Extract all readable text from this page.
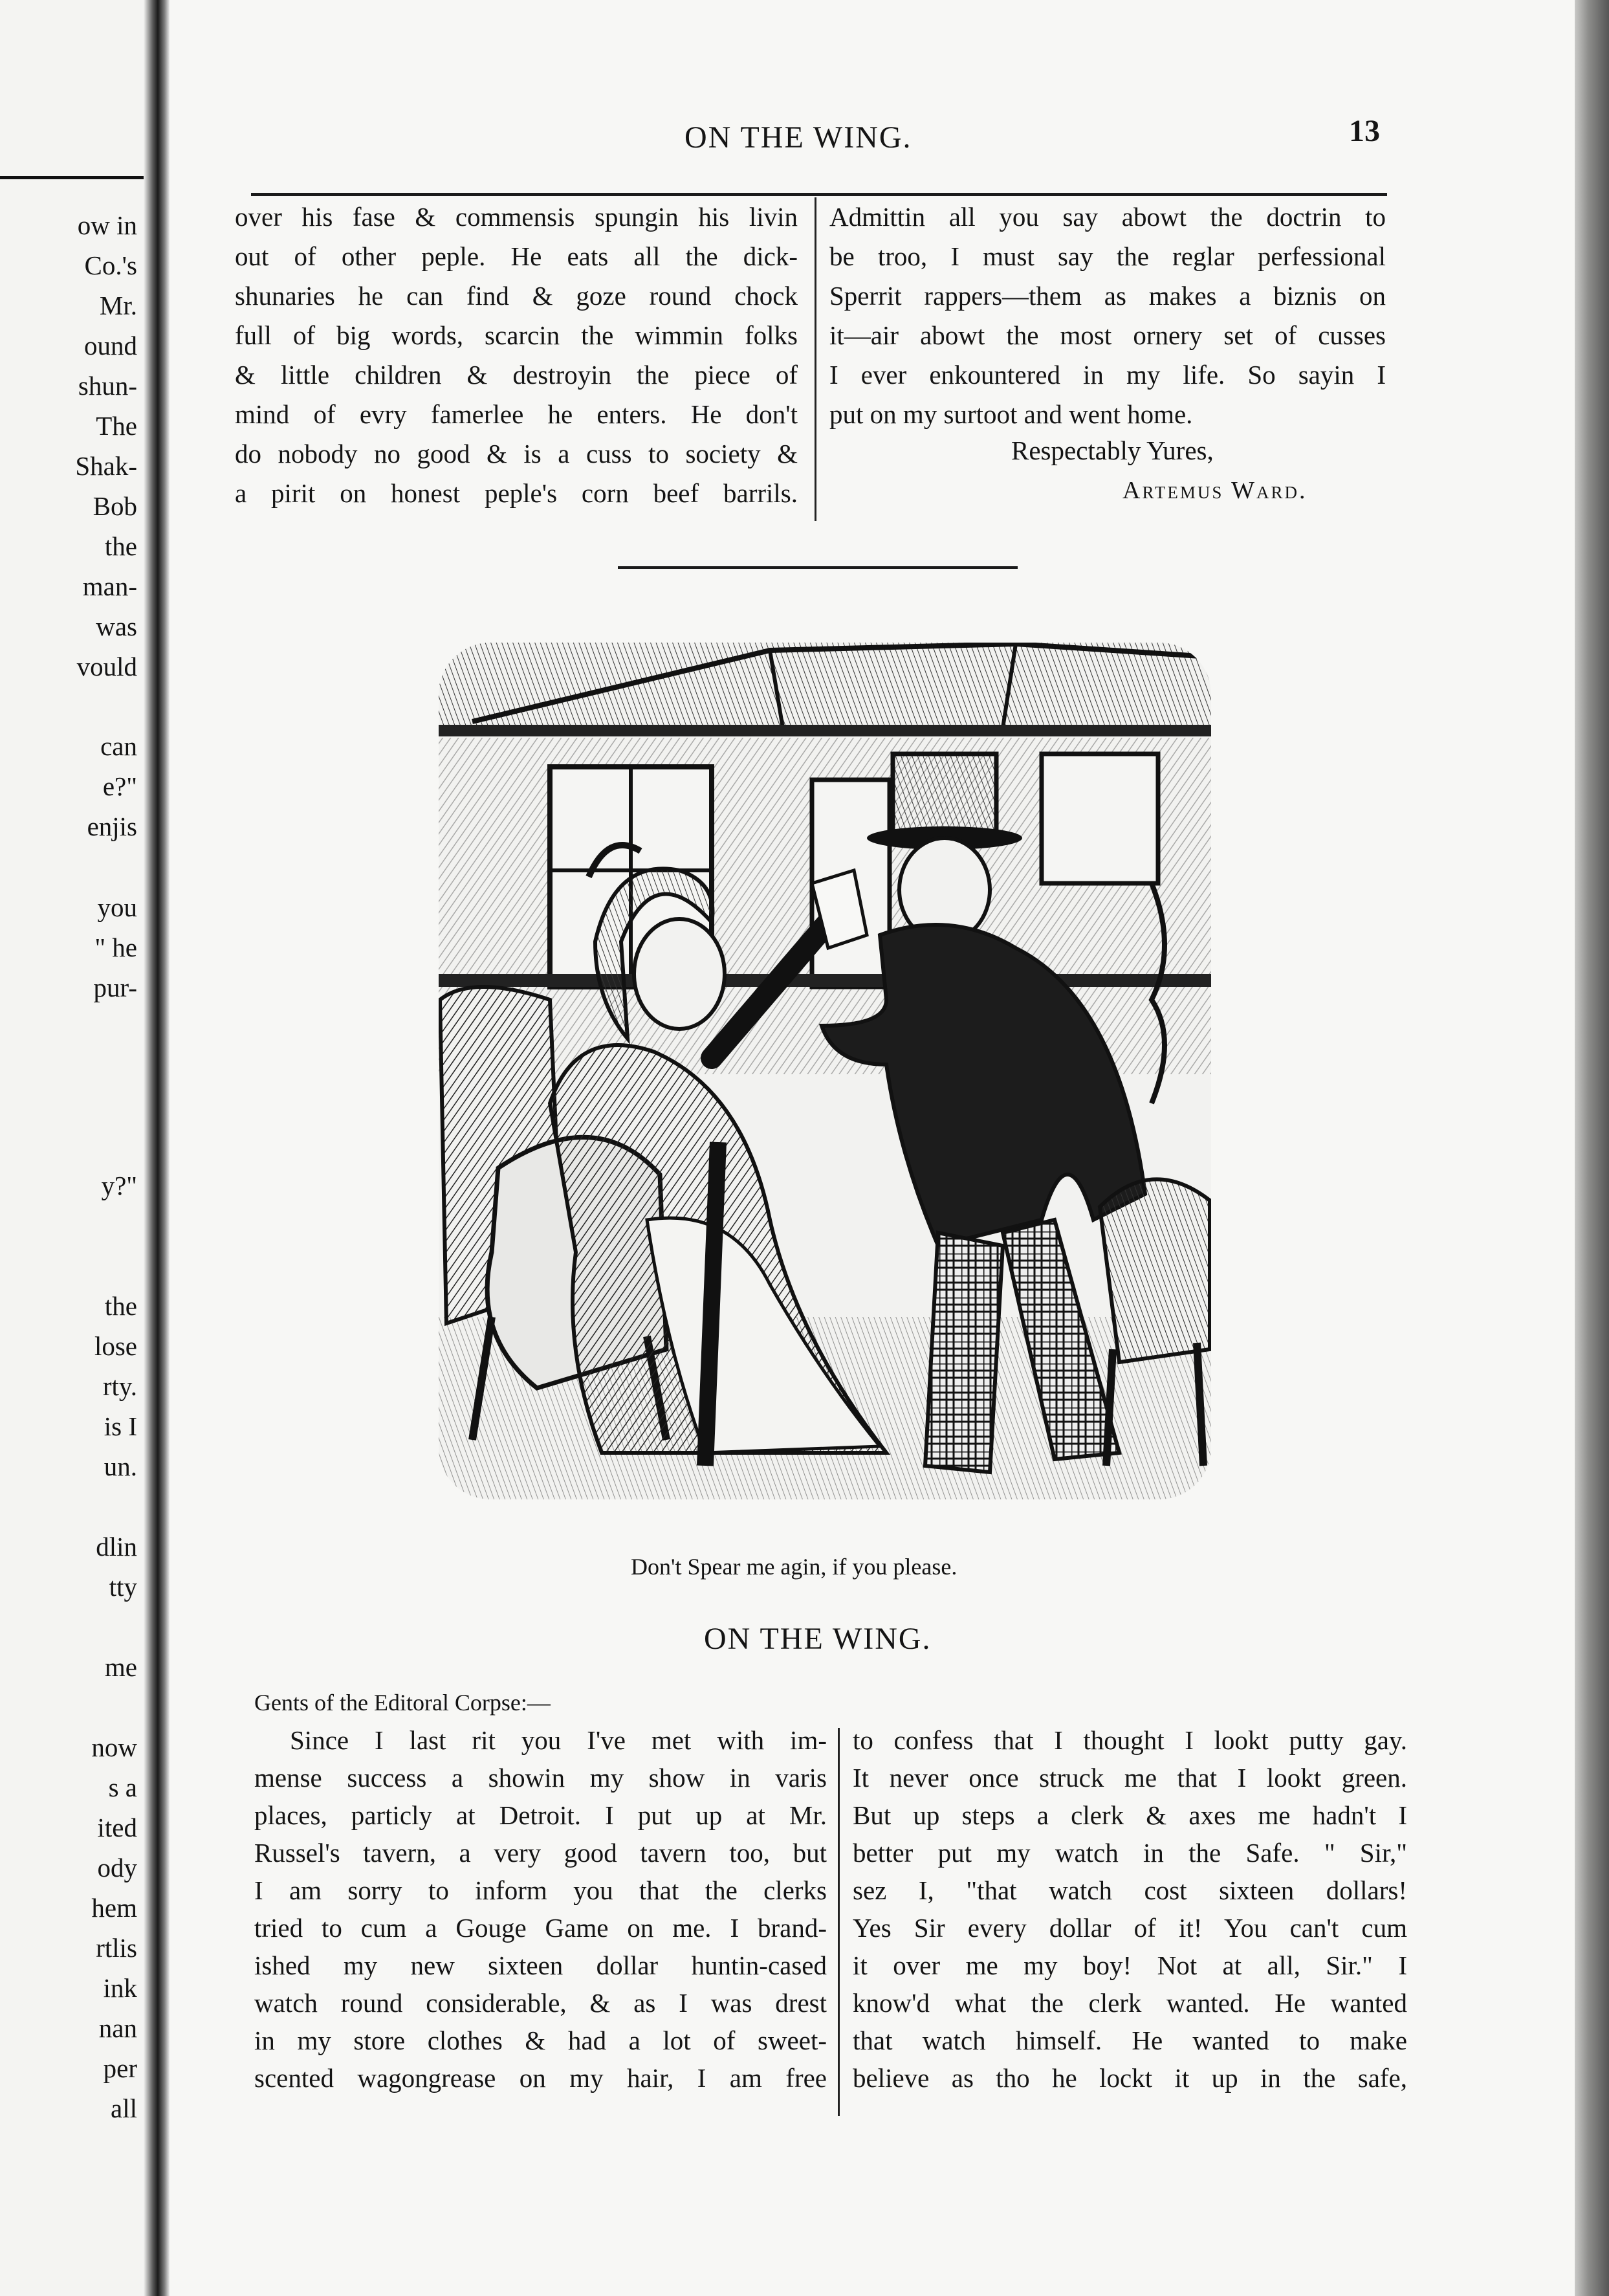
ow in
Co.'s
Mr.
ound
shun-
The
Shak-
Bob
the
man-
was
vould
can
e?"
enjis
you
" he
pur-
y?"
the
lose
rty.
is I
un.
dlin
tty
me
now
s a
ited
ody
hem
rtlis
ink
nan
per
all
ON THE WING.	13
over his fase & commensis spungin his livin
out of other peple. He eats all the dick-
shunaries he can find & goze round chock
full of big words, scarcin the wimmin folks
& little children & destroyin the piece of
mind of evry famerlee he enters. He don't
do nobody no good & is a cuss to society &
a pirit on honest peple's corn beef barrils.
Admittin all you say abowt the doctrin to
be troo, I must say the reglar perfessional
Sperrit rappers—them as makes a biznis on
it—air abowt the most ornery set of cusses
I ever enkountered in my life. So sayin I
put on my surtoot and went home.
Respectably Yures,
Artemus Ward.
Don't Spear me agin, if you please.
ON THE WING.
Gents of the Editoral Corpse:—
Since I last rit you I've met with im-
mense success a showin my show in varis
places, particly at Detroit. I put up at Mr.
Russel's tavern, a very good tavern too, but
I am sorry to inform you that the clerks
tried to cum a Gouge Game on me. I brand-
ished my new sixteen dollar huntin-cased
watch round considerable, & as I was drest
in my store clothes & had a lot of sweet-
scented wagongrease on my hair, I am free
to confess that I thought I lookt putty gay.
It never once struck me that I lookt green.
But up steps a clerk & axes me hadn't I
better put my watch in the Safe. " Sir,"
sez I, "that watch cost sixteen dollars!
Yes Sir every dollar of it! You can't cum
it over me my boy! Not at all, Sir." I
know'd what the clerk wanted. He wanted
that watch himself. He wanted to make
believe as tho he lockt it up in the safe,
